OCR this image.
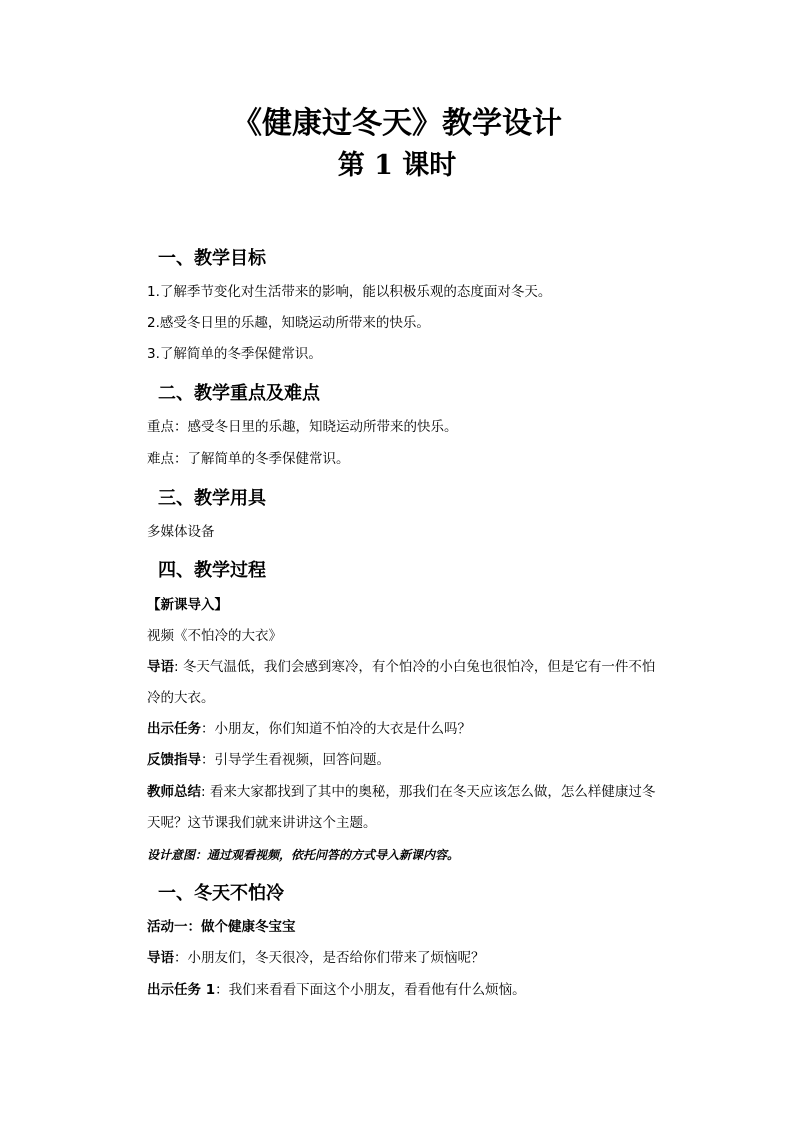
《健康过冬天》教学设计
第 1 课时
一、教学目标
1.了解季节变化对生活带来的影响，能以积极乐观的态度面对冬天。
2.感受冬日里的乐趣，知晓运动所带来的快乐。
3.了解简单的冬季保健常识。
二、教学重点及难点
重点：感受冬日里的乐趣，知晓运动所带来的快乐。
难点：了解简单的冬季保健常识。
三、教学用具
多媒体设备
四、教学过程
【新课导入】
视频《不怕冷的大衣》
导语: 冬天气温低，我们会感到寒冷，有个怕冷的小白兔也很怕冷，但是它有一件不怕
冷的大衣。
出示任务：小朋友，你们知道不怕冷的大衣是什么吗？
反馈指导：引导学生看视频，回答问题。
教师总结: 看来大家都找到了其中的奥秘，那我们在冬天应该怎么做，怎么样健康过冬
天呢？这节课我们就来讲讲这个主题。
设计意图：通过观看视频，依托问答的方式导入新课内容。
一、冬天不怕冷
活动一：做个健康冬宝宝
导语：小朋友们，冬天很冷，是否给你们带来了烦恼呢？
出示任务 1：我们来看看下面这个小朋友，看看他有什么烦恼。
